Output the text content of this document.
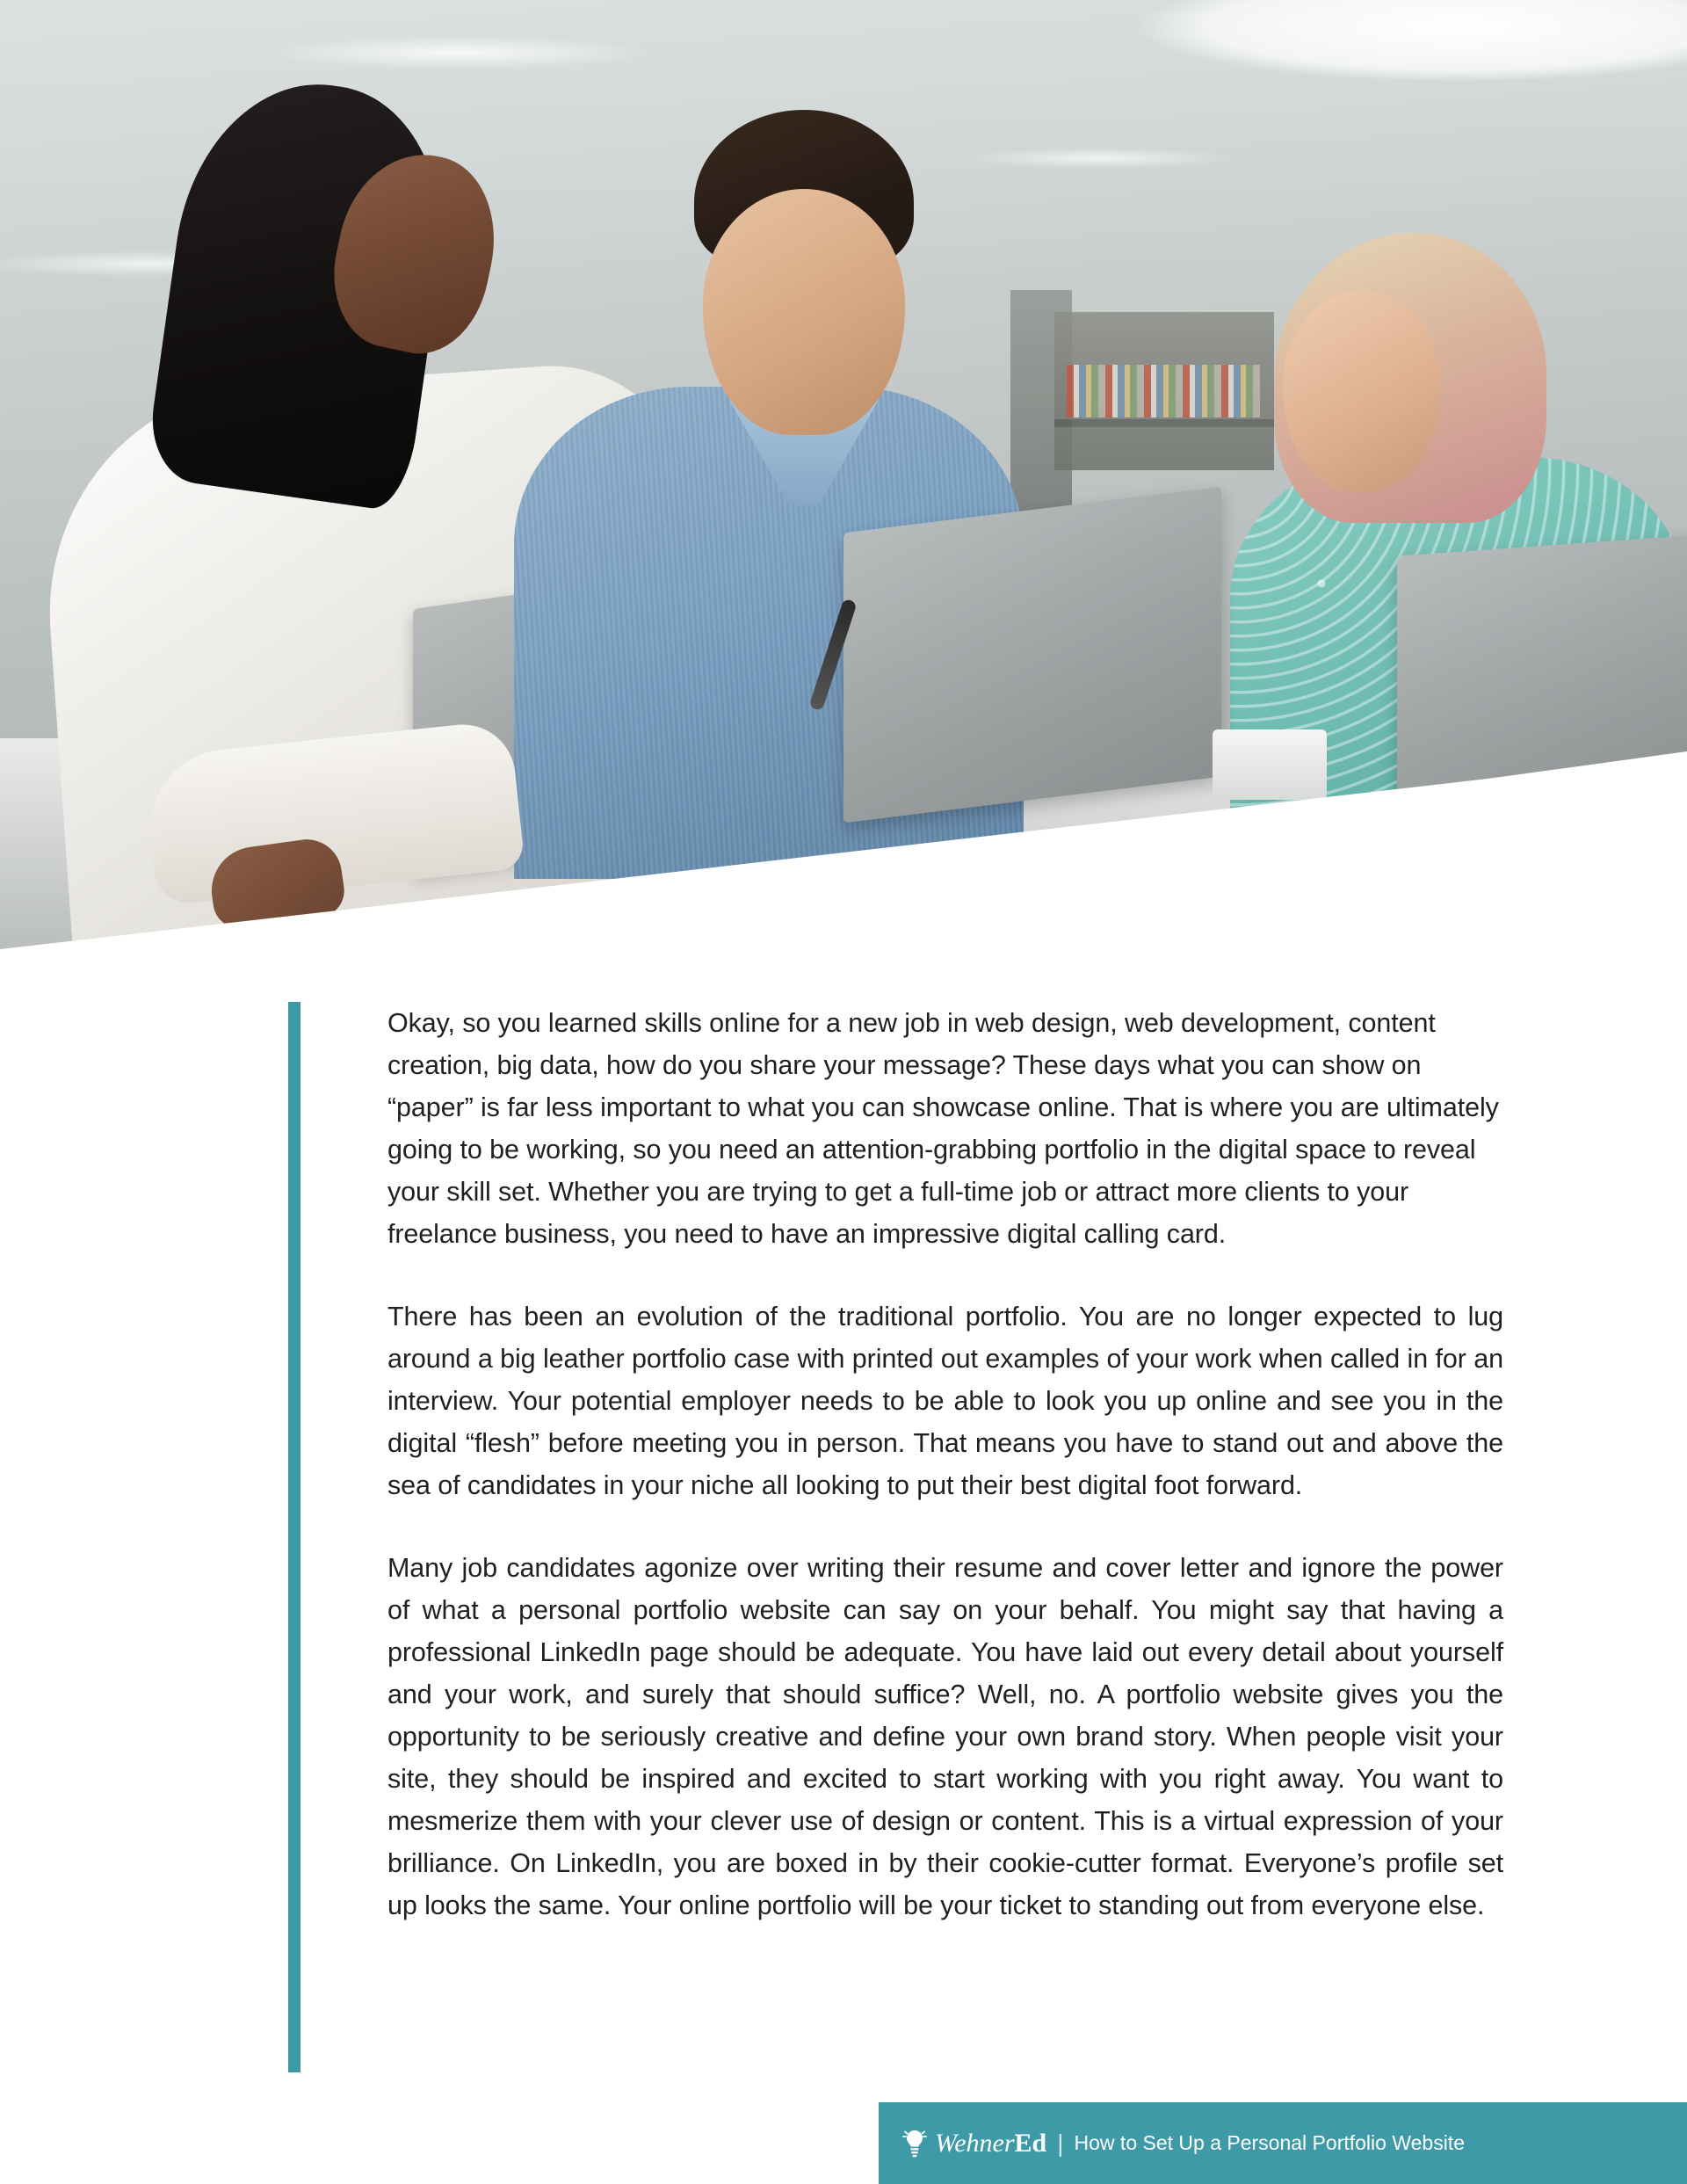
Okay, so you learned skills online for a new job in web design, web development, content creation, big data, how do you share your message? These days what you can show on “paper” is far less important to what you can showcase online. That is where you are ultimately going to be working, so you need an attention-grabbing portfolio in the digital space to reveal your skill set. Whether you are trying to get a full-time job or attract more clients to your freelance business, you need to have an impressive digital calling card.

There has been an evolution of the traditional portfolio. You are no longer expected to lug around a big leather portfolio case with printed out examples of your work when called in for an interview. Your potential employer needs to be able to look you up online and see you in the digital “flesh” before meeting you in person. That means you have to stand out and above the sea of candidates in your niche all looking to put their best digital foot forward.

Many job candidates agonize over writing their resume and cover letter and ignore the power of what a personal portfolio website can say on your behalf. You might say that having a professional LinkedIn page should be adequate. You have laid out every detail about yourself and your work, and surely that should suffice? Well, no. A portfolio website gives you the opportunity to be seriously creative and define your own brand story. When people visit your site, they should be inspired and excited to start working with you right away. You want to mesmerize them with your clever use of design or content. This is a virtual expression of your brilliance. On LinkedIn, you are boxed in by their cookie-cutter format. Everyone’s profile set up looks the same. Your online portfolio will be your ticket to standing out from everyone else.

WehnerEd | How to Set Up a Personal Portfolio Website
